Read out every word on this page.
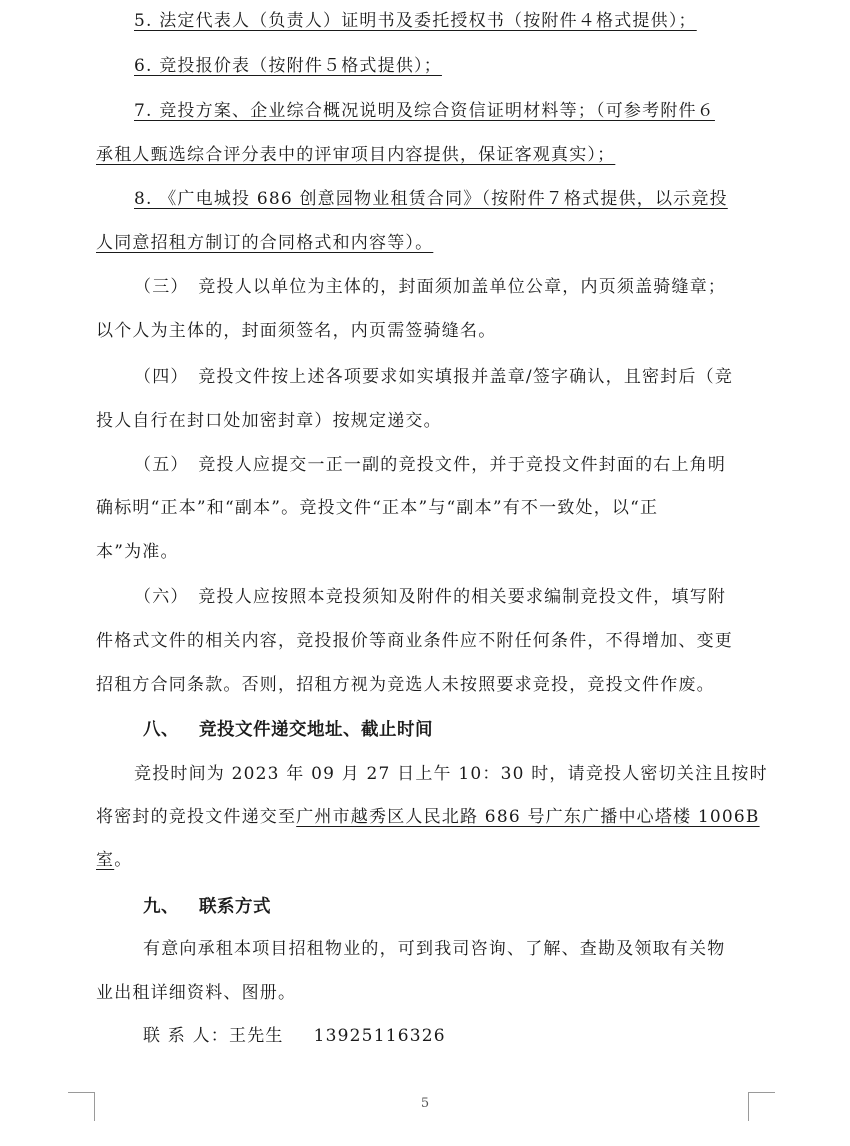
5. 法定代表人（负责人）证明书及委托授权书（按附件４格式提供）；
6. 竞投报价表（按附件５格式提供）；
7. 竞投方案、企业综合概况说明及综合资信证明材料等；（可参考附件６
承租人甄选综合评分表中的评审项目内容提供，保证客观真实）；
8. 《广电城投 686 创意园物业租赁合同》（按附件７格式提供，以示竞投
人同意招租方制订的合同格式和内容等）。
（三）　竞投人以单位为主体的，封面须加盖单位公章，内页须盖骑缝章；
以个人为主体的，封面须签名，内页需签骑缝名。
（四）　竞投文件按上述各项要求如实填报并盖章/签字确认，且密封后（竞
投人自行在封口处加密封章）按规定递交。
（五）　竞投人应提交一正一副的竞投文件，并于竞投文件封面的右上角明
确标明“正本”和“副本”。竞投文件“正本”与“副本”有不一致处，以“正
本”为准。
（六）　竞投人应按照本竞投须知及附件的相关要求编制竞投文件，填写附
件格式文件的相关内容，竞投报价等商业条件应不附任何条件，不得增加、变更
招租方合同条款。否则，招租方视为竞选人未按照要求竞投，竞投文件作废。
八、 竞投文件递交地址、截止时间
竞投时间为 2023 年 09 月 27 日上午 10：30 时，请竞投人密切关注且按时
将密封的竞投文件递交至广州市越秀区人民北路 686 号广东广播中心塔楼 1006B
室。
九、 联系方式
有意向承租本项目招租物业的，可到我司咨询、了解、查勘及领取有关物
业出租详细资料、图册。
联 系 人：王先生 13925116326
5
